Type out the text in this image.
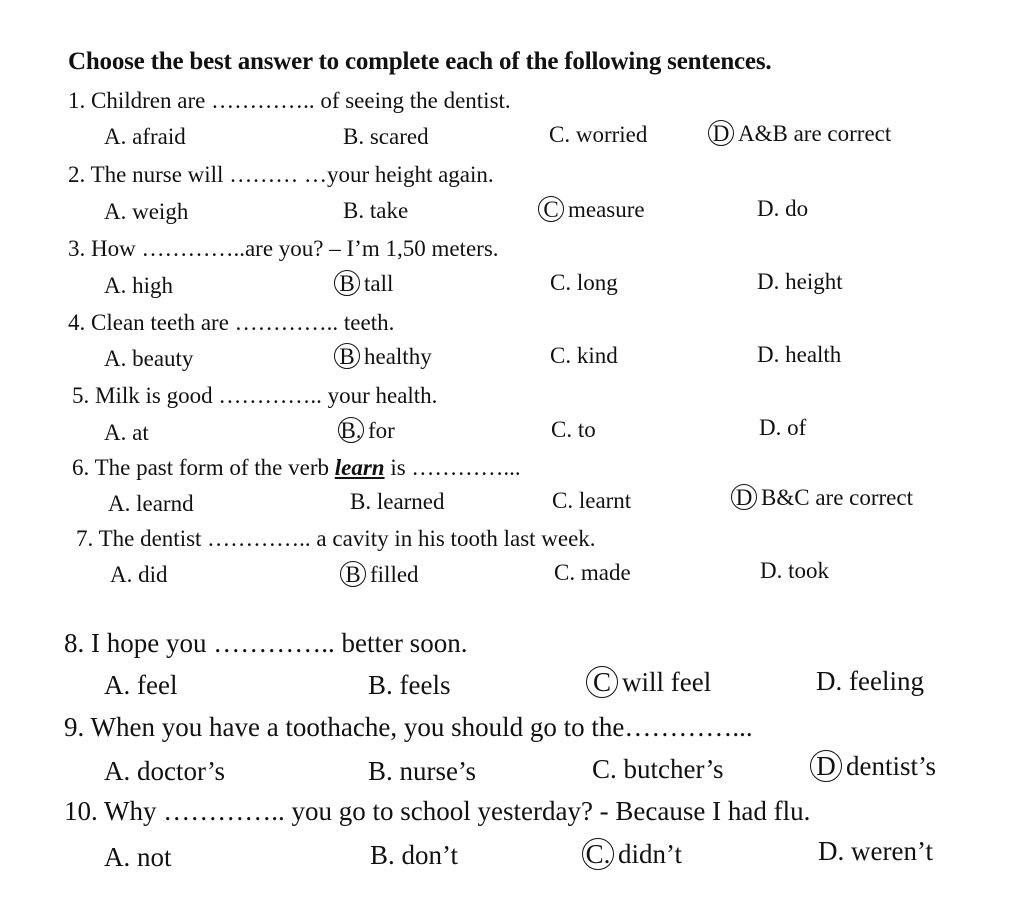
Choose the best answer to complete each of the following sentences.
1. Children are ………….. of seeing the dentist.
A. afraid	B. scared	C. worried	D A&B are correct
2. The nurse will ……… …your height again.
A. weigh	B. take	C measure	D. do
3. How …………..are you? – I’m 1,50 meters.
A. high	B tall	C. long	D. height
4. Clean teeth are ………….. teeth.
A. beauty	B healthy	C. kind	D. health
5. Milk is good ………….. your health.
A. at	B. for	C. to	D. of
6. The past form of the verb learn is …………...
A. learnd	B. learned	C. learnt	D B&C are correct
7. The dentist ………….. a cavity in his tooth last week.
A. did	B filled	C. made	D. took
8. I hope you ………….. better soon.
A. feel	B. feels	C will feel	D. feeling
9. When you have a toothache, you should go to the…………...
A. doctor’s	B. nurse’s	C. butcher’s	D dentist’s
10. Why ………….. you go to school yesterday? - Because I had flu.
A. not	B. don’t	C. didn’t	D. weren’t
